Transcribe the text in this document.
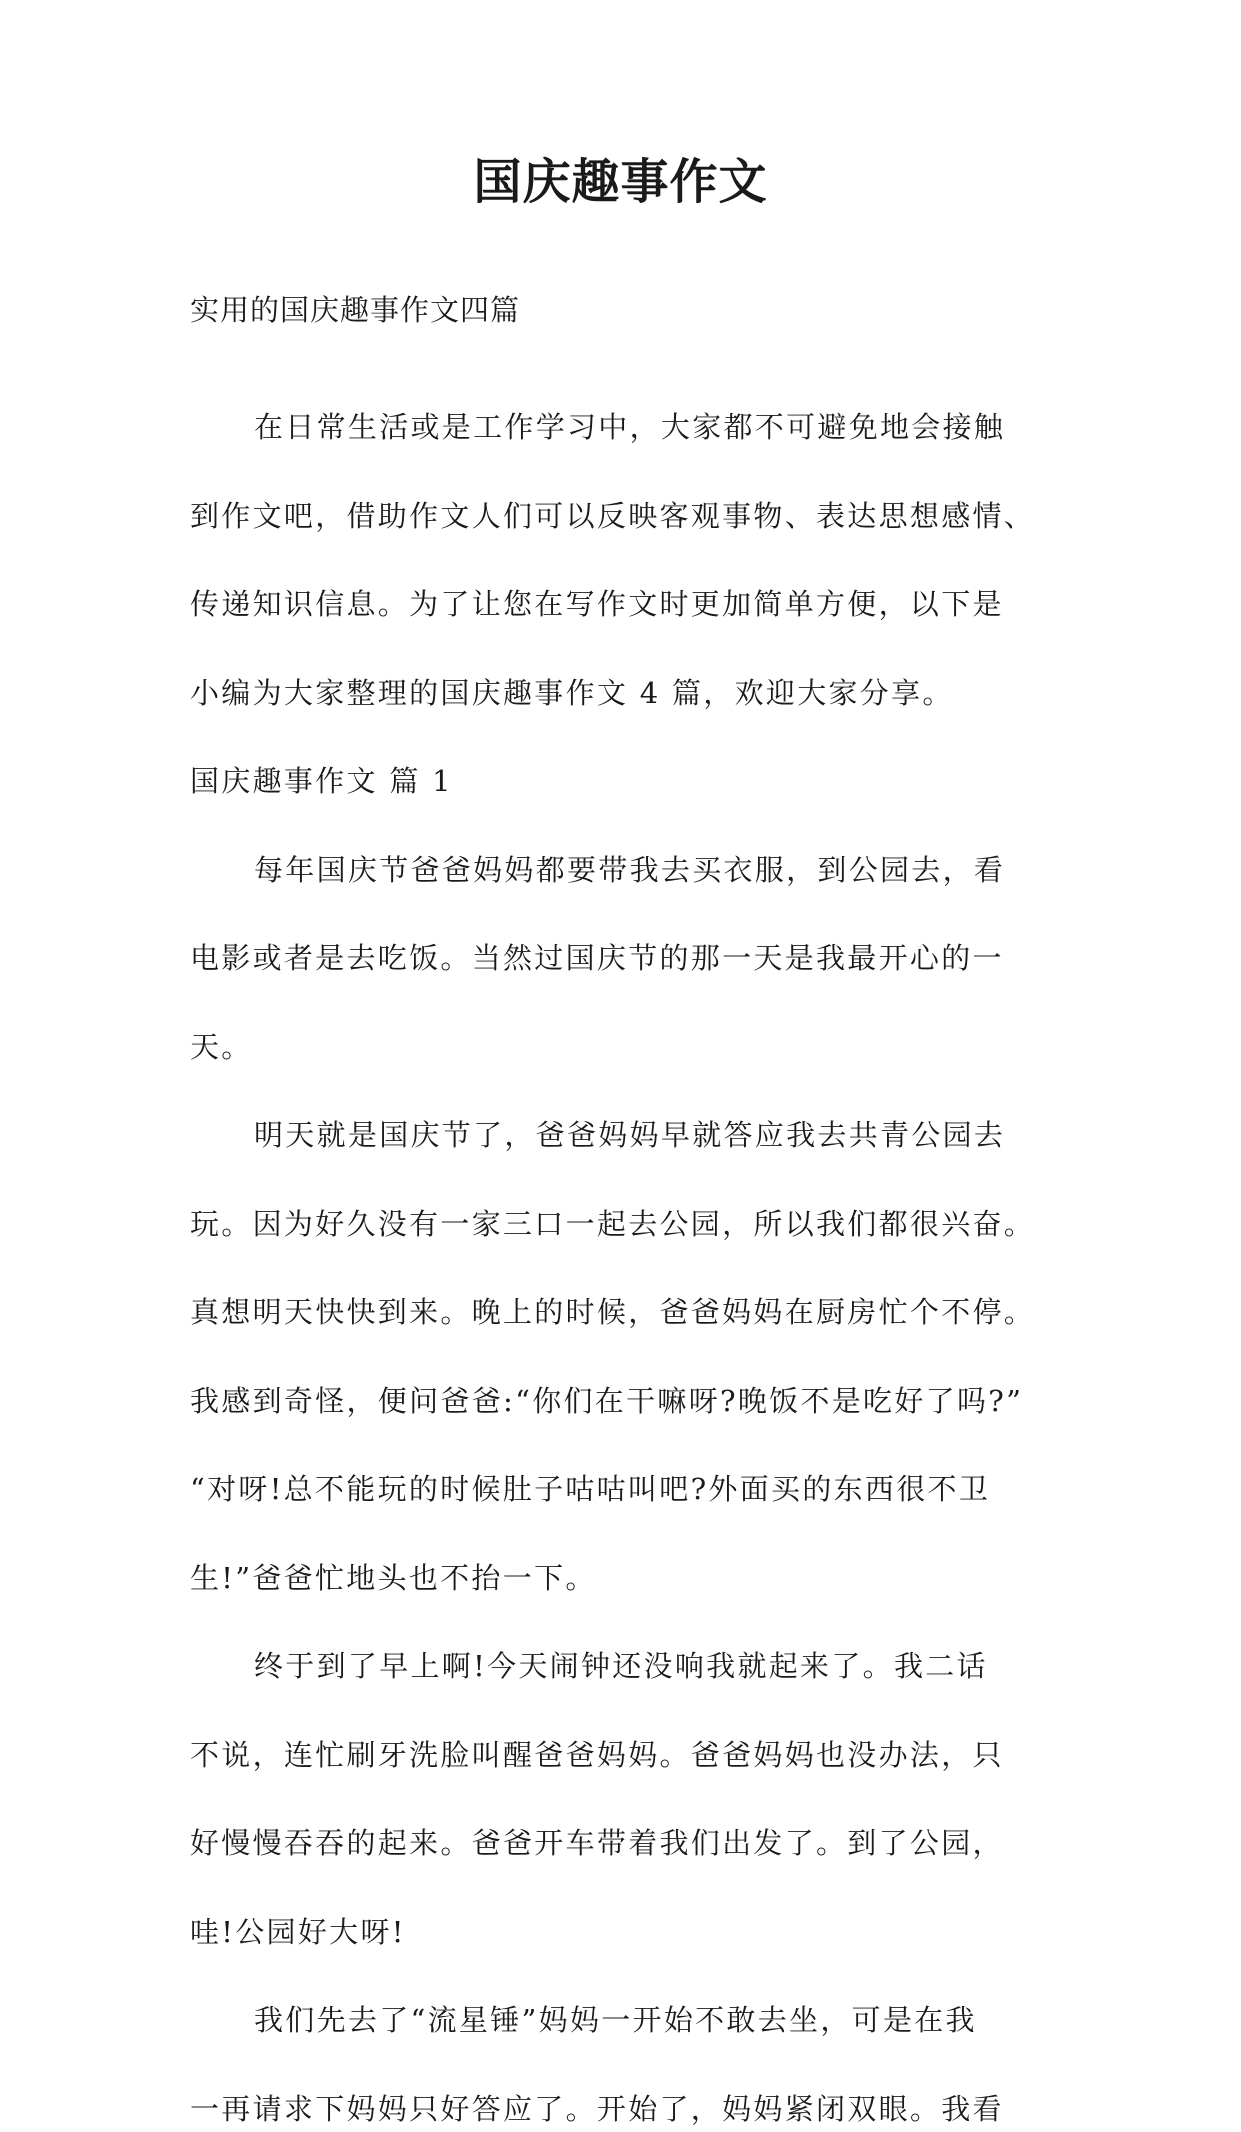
国庆趣事作文

实用的国庆趣事作文四篇

在日常生活或是工作学习中，大家都不可避免地会接触

到作文吧，借助作文人们可以反映客观事物、表达思想感情、

传递知识信息。为了让您在写作文时更加简单方便，以下是

小编为大家整理的国庆趣事作文 4 篇，欢迎大家分享。

国庆趣事作文 篇 1

每年国庆节爸爸妈妈都要带我去买衣服，到公园去，看

电影或者是去吃饭。当然过国庆节的那一天是我最开心的一

天。

明天就是国庆节了，爸爸妈妈早就答应我去共青公园去

玩。因为好久没有一家三口一起去公园，所以我们都很兴奋。

真想明天快快到来。晚上的时候，爸爸妈妈在厨房忙个不停。

我感到奇怪，便问爸爸:“你们在干嘛呀?晚饭不是吃好了吗?”

“对呀!总不能玩的时候肚子咕咕叫吧?外面买的东西很不卫

生!”爸爸忙地头也不抬一下。

终于到了早上啊!今天闹钟还没响我就起来了。我二话

不说，连忙刷牙洗脸叫醒爸爸妈妈。爸爸妈妈也没办法，只

好慢慢吞吞的起来。爸爸开车带着我们出发了。到了公园，

哇!公园好大呀!

我们先去了“流星锤”妈妈一开始不敢去坐，可是在我

一再请求下妈妈只好答应了。开始了，妈妈紧闭双眼。我看
